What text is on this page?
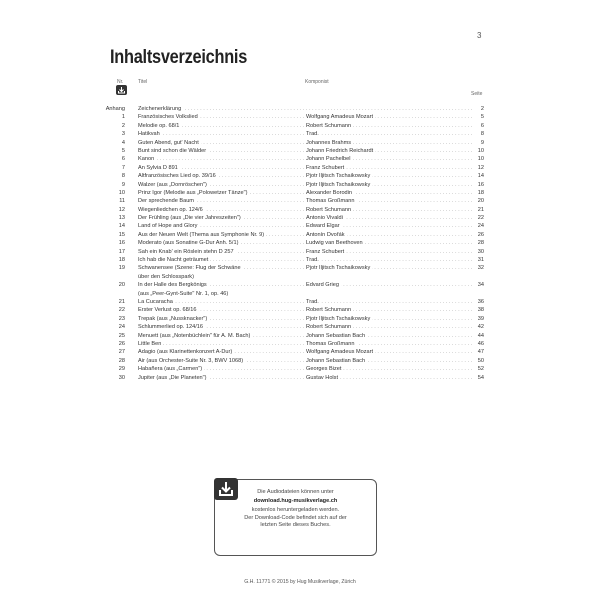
3
Inhaltsverzeichnis
Nr.	Titel	Komponist
Seite
Anhang . . . Zeichenerklärung	2
1 . . . Französisches Volkslied	Wolfgang Amadeus Mozart	5
2 . . . Melodie op. 68/1	Robert Schumann	6
3 . . . Hatikvah	Trad.	8
4 . . . Guten Abend, gut' Nacht	Johannes Brahms	9
5 . . . Bunt sind schon die Wälder	Johann Friedrich Reichardt	10
6 . . . Kanon	Johann Pachelbel	10
7 . . . An Sylvia D 891	Franz Schubert	12
8 . . . Altfranzösisches Lied op. 39/16	Pjotr Iljitsch Tschaikowsky	14
9 . . . Walzer (aus „Dornröschen")	Pjotr Iljitsch Tschaikowsky	16
10 . . . Prinz Igor (Melodie aus „Polowetzer Tänze")	Alexander Borodin	18
11 . . . Der sprechende Baum	Thomas Großmann	20
12 . . . Wiegenliedchen op. 124/6	Robert Schumann	21
13 . . . Der Frühling (aus „Die vier Jahreszeiten")	Antonio Vivaldi	22
14 . . . Land of Hope and Glory	Edward Elgar	24
15 . . . Aus der Neuen Welt (Thema aus Symphonie Nr. 9)	Antonín Dvořák	26
16 . . . Moderato (aus Sonatine G-Dur Anh. 5/1)	Ludwig van Beethoven	28
17 . . . Sah ein Knab' ein Röslein stehn D 257	Franz Schubert	30
18 . . . Ich hab die Nacht geträumet	Trad.	31
19 . . . Schwanensee (Szene: Flug der Schwäne	Pjotr Iljitsch Tschaikowsky	32
über den Schlosspark)
20 . . . In der Halle des Bergkönigs	Edvard Grieg	34
(aus „Peer-Gynt-Suite" Nr. 1, op. 46)
21 . . . La Cucaracha	Trad.	36
22 . . . Erster Verlust op. 68/16	Robert Schumann	38
23 . . . Trepak (aus „Nussknacker")	Pjotr Iljitsch Tschaikowsky	39
24 . . . Schlummerlied op. 124/16	Robert Schumann	42
25 . . . Menuett (aus „Notenbüchlein" für A. M. Bach)	Johann Sebastian Bach	44
26 . . . Little Ben	Thomas Großmann	46
27 . . . Adagio (aus Klarinettenkonzert A-Dur)	Wolfgang Amadeus Mozart	47
28 . . . Air (aus Orchester-Suite Nr. 3, BWV 1068)	Johann Sebastian Bach	50
29 . . . Habañera (aus „Carmen")	Georges Bizet	52
30 . . . Jupiter (aus „Die Planeten")	Gustav Holst	54
Die Audiodateien können unter
download.hug-musikverlage.ch
kostenlos heruntergeladen werden.
Der Download-Code befindet sich auf der
letzten Seite dieses Buches.
G.H. 11771 © 2015 by Hug Musikverlage, Zürich
